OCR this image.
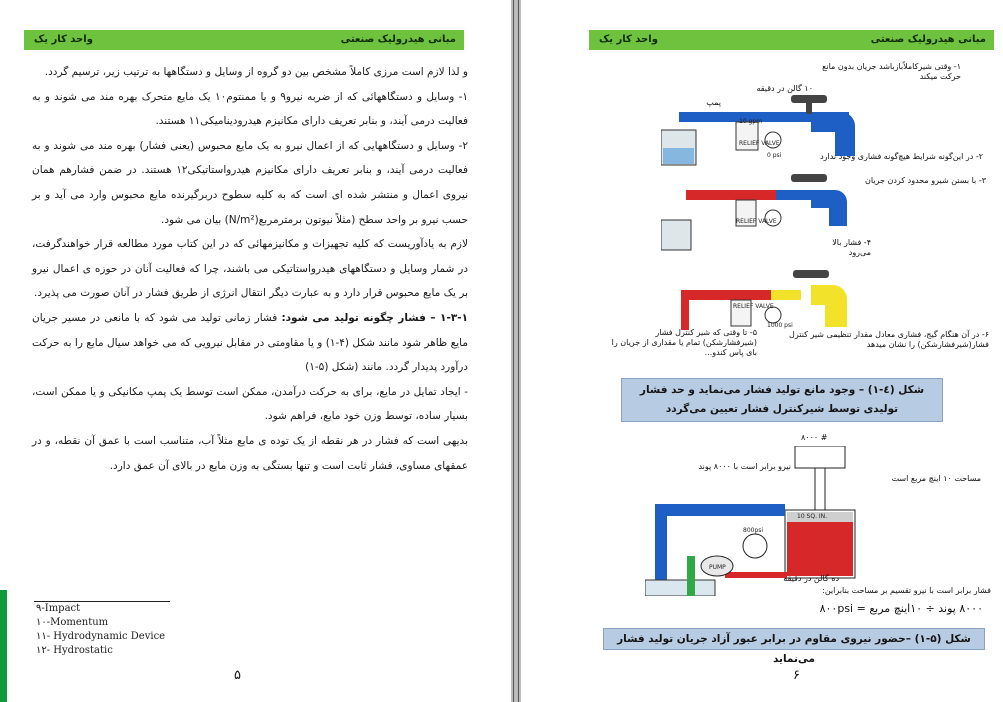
مبانی هیدرولیک صنعتی
واحد کار یک

و لذا لازم است مرزی کاملاً مشخص بین دو گروه از وسایل و دستگاهها به ترتیب زیر، ترسیم گردد.

۱- وسایل و دستگاههائی که از ضربه نیرو۹ و یا ممنتوم۱۰ یک مایع متحرک بهره مند می شوند و به فعالیت درمی آیند، و بنابر تعریف دارای مکانیزم هیدرودینامیکی۱۱ هستند.

۲- وسایل و دستگاههایی که از اعمال نیرو به یک مایع محبوس (یعنی فشار) بهره مند می شوند و به فعالیت درمی آیند، و بنابر تعریف دارای مکانیزم هیدرواستاتیکی۱۲ هستند. در ضمن فشارهم همان نیروی اعمال و منتشر شده ای است که به کلیه سطوح دربرگیرنده مایع محبوس وارد می آید و بر حسب نیرو بر واحد سطح (مثلاً نیوتون برمترمربع(N/m²) بیان می شود.

لازم به یادآوریست که کلیه تجهیزات و مکانیزمهائی که در این کتاب مورد مطالعه قرار خواهندگرفت، در شمار وسایل و دستگاههای هیدرواستاتیکی می باشند، چرا که فعالیت آنان در حوزه ی اعمال نیرو بر یک مایع محبوس قرار دارد و به عبارت دیگر انتقال انرژی از طریق فشار در آنان صورت می پذیرد.

۱-۳-۱ – فشار چگونه تولید می شود: فشار زمانی تولید می شود که با مانعی در مسیر جریان مایع ظاهر شود مانند شکل (۴-۱) و یا مقاومتی در مقابل نیرویی که می خواهد سیال مایع را به حرکت درآورد پدیدار گردد. مانند (شکل (۵-۱)

- ایجاد تمایل در مایع، برای به حرکت درآمدن، ممکن است توسط یک پمپ مکانیکی و یا ممکن است، بسیار ساده، توسط وزن خود مایع، فراهم شود.

بدیهی است که فشار در هر نقطه از یک توده ی مایع مثلاً آب، متناسب است با عمق آن نقطه، و در عمقهای مساوی، فشار ثابت است و تنها بستگی به وزن مایع در بالای آن عمق دارد.

۹-Impact
۱۰-Momentum
۱۱- Hydrodynamic Device
۱۲- Hydrostatic
۵
مبانی هیدرولیک صنعتی
واحد کار یک
RELIEF VALVE
RELIEF VALVE
RELIEF VALVE
10 gpm
0 psi
1000 psi
۱- وقتی شیرکاملاًبازباشد جریان بدون مانع حرکت میکند
۱۰ گالن در دقیقه
پمپ
۲- در این‌گونه شرایط هیچ‌گونه فشاری وجود ندارد
۳- با بستن شیرو محدود کردن جریان
۴- فشار بالا می‌رود
۵- تا وقتی که شیر کنترل فشار (شیرفشارشکن) تمام یا مقداری از جریان را بای پاس کندو...
۶- در آن هنگام گیج، فشاری معادل مقدار تنظیمی شیر کنترل فشار(شیرفشارشکن) را نشان میدهد
شکل (٤-١) – وجود مانع تولید فشار می‌نماید و حد فشار تولیدی توسط شیرکنترل فشار تعیین می‌گردد
PUMP
10 SQ. IN.
800psi
۸۰۰۰ #
نیرو برابر است با ۸۰۰۰ پوند
مساحت ۱۰ اینچ مربع است
ده گالن در دقیقه
فشار برابر است با نیرو تقسیم بر مساحت بنابراین:
۸۰۰۰ پوند ÷ ۱۰اینچ مربع = ۸۰۰psi
شکل (۵-۱) –حضور نیروی مقاوم در برابر عبور آزاد جریان تولید فشار می‌نماید
۶
